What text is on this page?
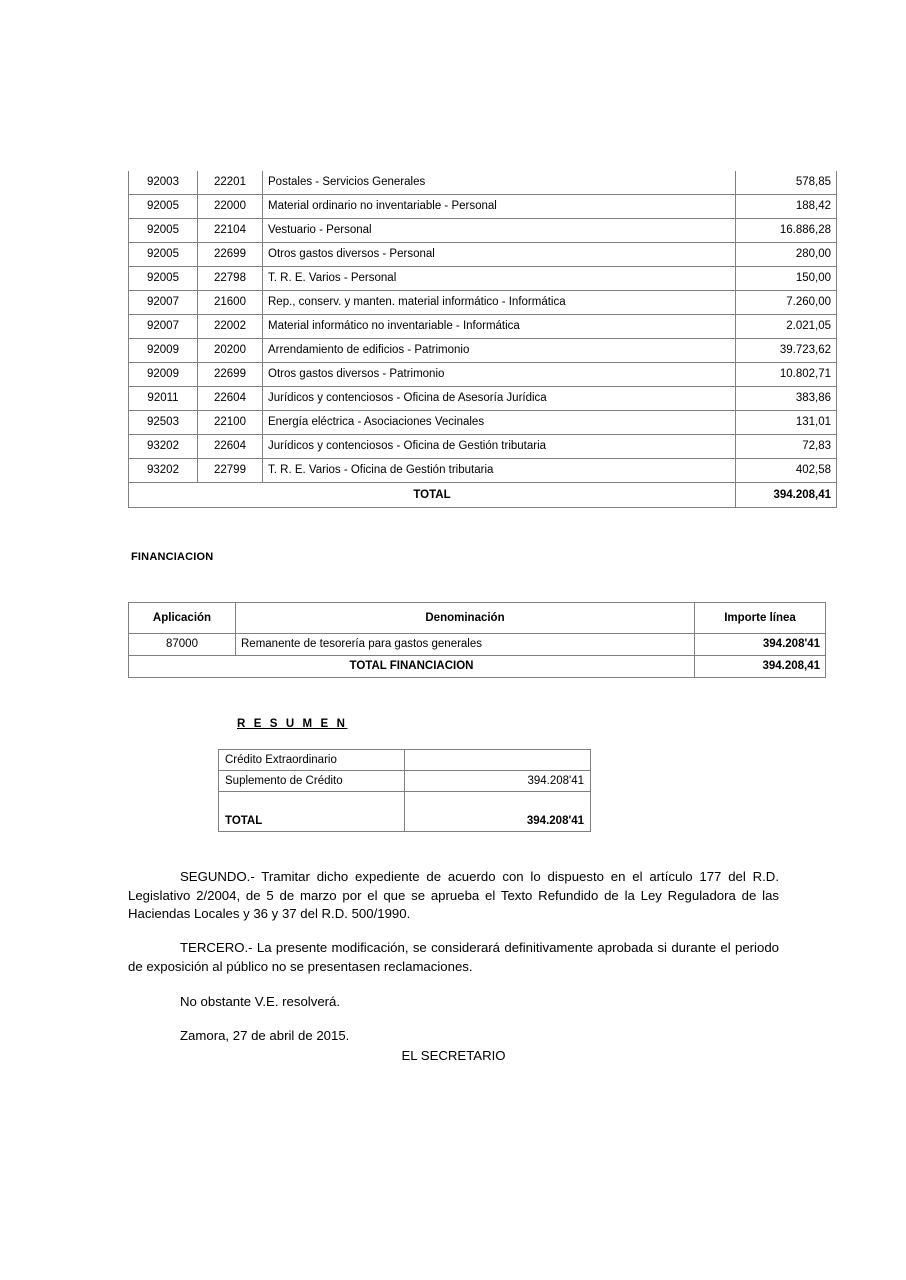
92003	22201	Postales - Servicios Generales	578,85
92005	22000	Material ordinario no inventariable - Personal	188,42
92005	22104	Vestuario - Personal	16.886,28
92005	22699	Otros gastos diversos - Personal	280,00
92005	22798	T. R. E. Varios - Personal	150,00
92007	21600	Rep., conserv. y manten. material informático - Informática	7.260,00
92007	22002	Material informático no inventariable - Informática	2.021,05
92009	20200	Arrendamiento de edificios - Patrimonio	39.723,62
92009	22699	Otros gastos diversos - Patrimonio	10.802,71
92011	22604	Jurídicos y contenciosos - Oficina de Asesoría Jurídica	383,86
92503	22100	Energía eléctrica - Asociaciones Vecinales	131,01
93202	22604	Jurídicos y contenciosos - Oficina de Gestión tributaria	72,83
93202	22799	T. R. E. Varios - Oficina de Gestión tributaria	402,58
TOTAL			394.208,41
FINANCIACION
Aplicación	Denominación	Importe línea
87000	Remanente de tesorería para gastos generales	394.208'41
TOTAL FINANCIACION		394.208,41
R E S U M E N
Crédito Extraordinario	
Suplemento de Crédito	394.208'41
TOTAL	394.208'41

SEGUNDO.- Tramitar dicho expediente de acuerdo con lo dispuesto en el artículo 177 del R.D. Legislativo 2/2004, de 5 de marzo por el que se aprueba el Texto Refundido de la Ley Reguladora de las Haciendas Locales y 36 y 37 del R.D. 500/1990.

TERCERO.- La presente modificación, se considerará definitivamente aprobada si durante el periodo de exposición al público no se presentasen reclamaciones.

No obstante V.E. resolverá.

Zamora, 27 de abril de 2015.

EL SECRETARIO
